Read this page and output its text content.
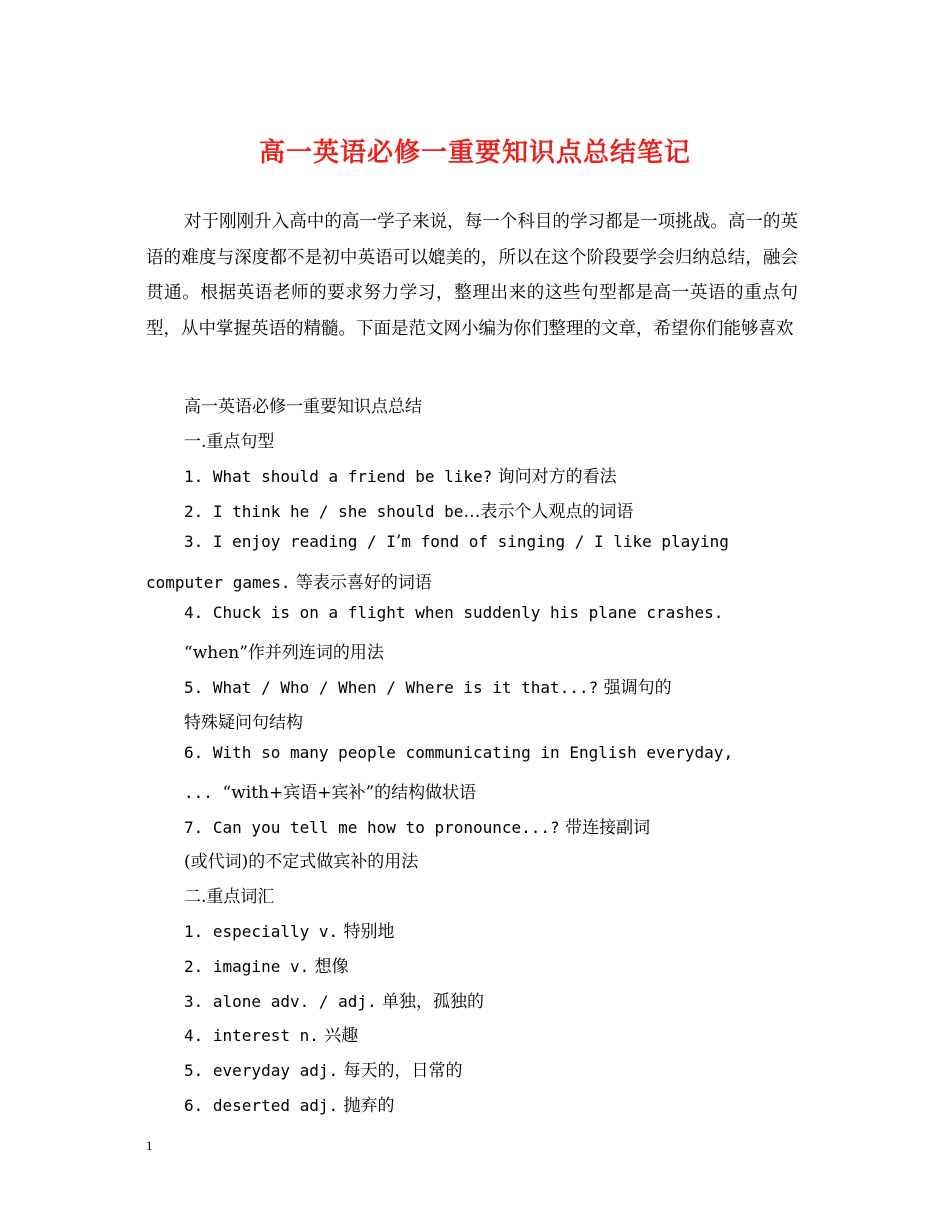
高一英语必修一重要知识点总结笔记
对于刚刚升入高中的高一学子来说，每一个科目的学习都是一项挑战。高一的英语的难度与深度都不是初中英语可以媲美的，所以在这个阶段要学会归纳总结，融会贯通。根据英语老师的要求努力学习，整理出来的这些句型都是高一英语的重点句型，从中掌握英语的精髓。下面是范文网小编为你们整理的文章，希望你们能够喜欢
高一英语必修一重要知识点总结
一.重点句型
1. What should a friend be like? 询问对方的看法
2. I think he / she should be…表示个人观点的词语
3. I enjoy reading / I’m fond of singing / I like playing
computer games. 等表示喜好的词语
4. Chuck is on a flight when suddenly his plane crashes.
“when”作并列连词的用法
5. What / Who / When / Where is it that...? 强调句的
特殊疑问句结构
6. With so many people communicating in English everyday,
... “with+宾语+宾补”的结构做状语
7. Can you tell me how to pronounce...? 带连接副词
(或代词)的不定式做宾补的用法
二.重点词汇
1. especially v. 特别地
2. imagine v. 想像
3. alone adv. / adj. 单独，孤独的
4. interest n. 兴趣
5. everyday adj. 每天的，日常的
6. deserted adj. 抛弃的
1
